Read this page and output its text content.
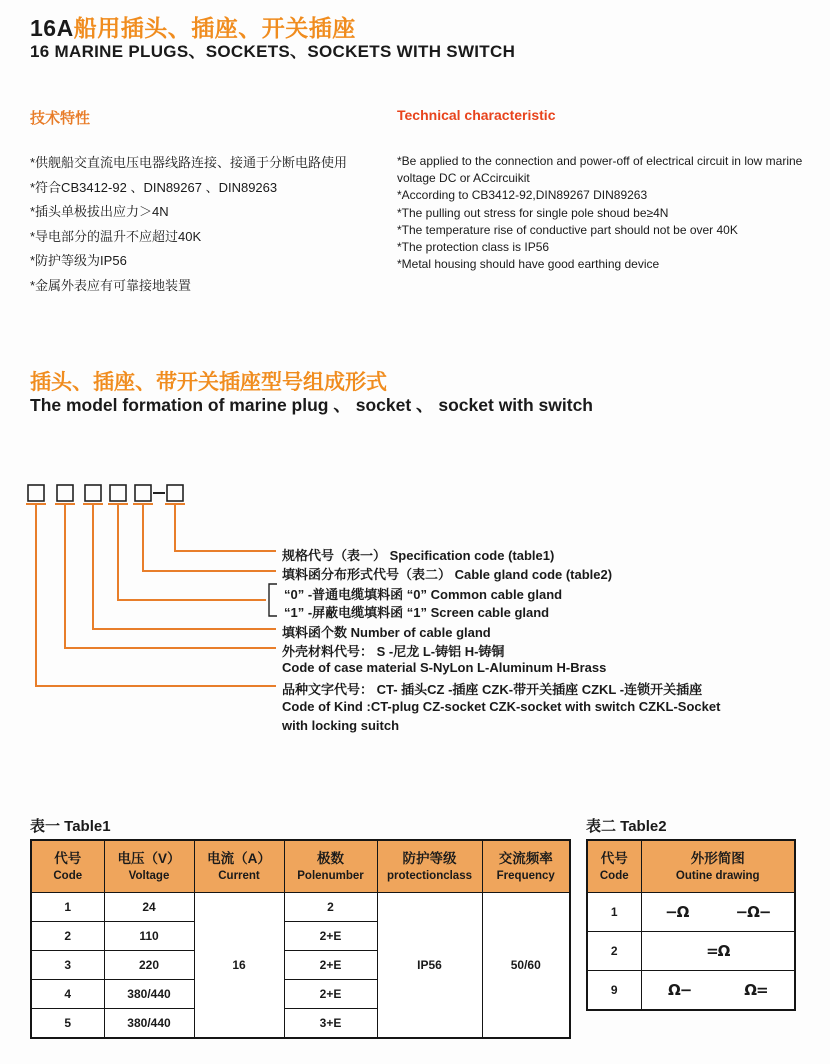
16A船用插头、插座、开关插座
16 MARINE PLUGS、SOCKETS、SOCKETS WITH SWITCH
技术特性
*供舰船交直流电压电器线路连接、接通于分断电路使用
*符合CB3412-92 、DIN89267 、DIN89263
*插头单极拔出应力＞4N
*导电部分的温升不应超过40K
*防护等级为IP56
*金属外表应有可靠接地装置
Technical characteristic
*Be applied to the connection and power-off of electrical circuit in low marine voltage DC or ACcircuikit
*According to CB3412-92,DIN89267 DIN89263
*The pulling out stress for single pole shoud be≥4N
*The temperature rise of conductive part should not be over 40K
*The protection class is IP56
*Metal housing should have good earthing device
插头、插座、带开关插座型号组成形式
The model formation of marine plug 、 socket 、 socket with switch
规格代号（表一） Specification code (table1)
填料函分布形式代号（表二） Cable gland code (table2)
“0” -普通电缆填料函 “0” Common cable gland
“1” -屏蔽电缆填料函 “1” Screen cable gland
填料函个数 Number of cable gland
外壳材料代号： S -尼龙 L-铸铝 H-铸铜
Code of case material S-NyLon L-Aluminum H-Brass
品种文字代号： CT- 插头CZ -插座 CZK-带开关插座 CZKL -连锁开关插座
Code of Kind :CT-plug CZ-socket CZK-socket with switch CZKL-Socket
with locking suitch
表一 Table1
代号
Code

电压（V）
Voltage

电流（A）
Current

极数
Polenumber

防护等级
protectionclass

交流频率
Frequency

1	24	16	2	IP56	50/60
2	110		2+E		
3	220		2+E		
4	380/440		2+E		
5	380/440		3+E		
表二 Table2
代号
Code

外形简图
Outine drawing

1	−Ω −Ω−

2	=Ω

9	Ω− Ω=
